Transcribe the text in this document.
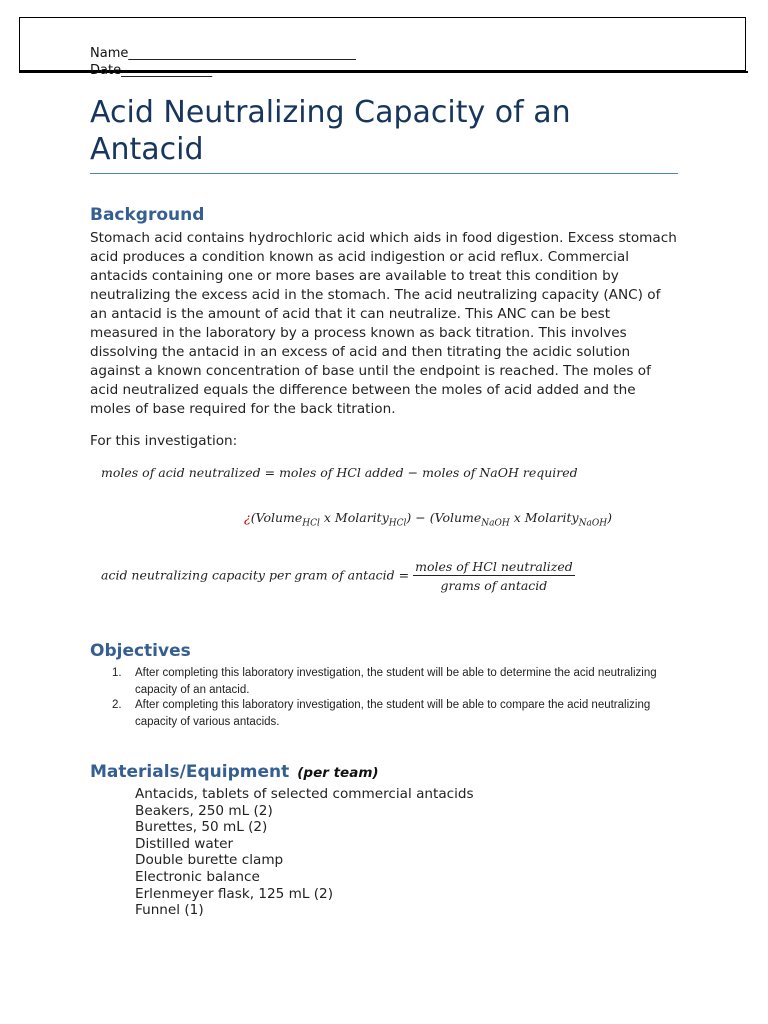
Name___________________________________
Date______________
Acid Neutralizing Capacity of an Antacid
Background

Stomach acid contains hydrochloric acid which aids in food digestion. Excess stomach acid produces a condition known as acid indigestion or acid reflux. Commercial antacids containing one or more bases are available to treat this condition by neutralizing the excess acid in the stomach. The acid neutralizing capacity (ANC) of an antacid is the amount of acid that it can neutralize. This ANC can be best measured in the laboratory by a process known as back titration. This involves dissolving the antacid in an excess of acid and then titrating the acidic solution against a known concentration of base until the endpoint is reached. The moles of acid neutralized equals the difference between the moles of acid added and the moles of base required for the back titration.

For this investigation:

moles of acid neutralized = moles of HCl added − moles of NaOH required
¿(Volume$_{HCl}$ x Molarity$_{HCl}$) − (Volume$_{NaOH}$ x Molarity$_{NaOH}$)
acid neutralizing capacity per gram of antacid = $\frac{\text{moles of HCl neutralized}}{\text{grams of antacid}}$
Objectives
1. After completing this laboratory investigation, the student will be able to determine the acid neutralizing capacity of an antacid.
2. After completing this laboratory investigation, the student will be able to compare the acid neutralizing capacity of various antacids.
Materials/Equipment (per team)
Antacids, tablets of selected commercial antacids
Beakers, 250 mL (2)
Burettes, 50 mL (2)
Distilled water
Double burette clamp
Electronic balance
Erlenmeyer flask, 125 mL (2)
Funnel (1)
